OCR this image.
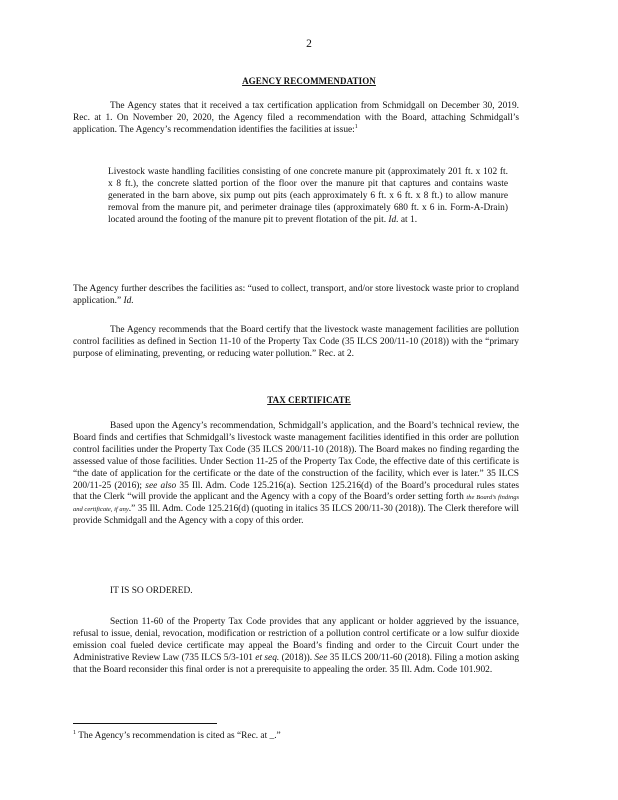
2
AGENCY RECOMMENDATION

The Agency states that it received a tax certification application from Schmidgall on December 30, 2019. Rec. at 1. On November 20, 2020, the Agency filed a recommendation with the Board, attaching Schmidgall’s application. The Agency’s recommendation identifies the facilities at issue:$^1$

Livestock waste handling facilities consisting of one concrete manure pit (approximately 201 ft. x 102 ft. x 8 ft.), the concrete slatted portion of the floor over the manure pit that captures and contains waste generated in the barn above, six pump out pits (each approximately 6 ft. x 6 ft. x 8 ft.) to allow manure removal from the manure pit, and perimeter drainage tiles (approximately 680 ft. x 6 in. Form-A-Drain) located around the footing of the manure pit to prevent flotation of the pit. Id. at 1.

The Agency further describes the facilities as: “used to collect, transport, and/or store livestock waste prior to cropland application.” Id.

The Agency recommends that the Board certify that the livestock waste management facilities are pollution control facilities as defined in Section 11-10 of the Property Tax Code (35 ILCS 200/11-10 (2018)) with the “primary purpose of eliminating, preventing, or reducing water pollution.” Rec. at 2.

TAX CERTIFICATE

Based upon the Agency’s recommendation, Schmidgall’s application, and the Board’s technical review, the Board finds and certifies that Schmidgall’s livestock waste management facilities identified in this order are pollution control facilities under the Property Tax Code (35 ILCS 200/11-10 (2018)). The Board makes no finding regarding the assessed value of those facilities. Under Section 11-25 of the Property Tax Code, the effective date of this certificate is “the date of application for the certificate or the date of the construction of the facility, which ever is later.” 35 ILCS 200/11-25 (2016); see also 35 Ill. Adm. Code 125.216(a). Section 125.216(d) of the Board’s procedural rules states that the Clerk “will provide the applicant and the Agency with a copy of the Board’s order setting forth the Board’s findings and certificate, if any.” 35 Ill. Adm. Code 125.216(d) (quoting in italics 35 ILCS 200/11-30 (2018)). The Clerk therefore will provide Schmidgall and the Agency with a copy of this order.

IT IS SO ORDERED.

Section 11-60 of the Property Tax Code provides that any applicant or holder aggrieved by the issuance, refusal to issue, denial, revocation, modification or restriction of a pollution control certificate or a low sulfur dioxide emission coal fueled device certificate may appeal the Board’s finding and order to the Circuit Court under the Administrative Review Law (735 ILCS 5/3-101 et seq. (2018)). See 35 ILCS 200/11-60 (2018). Filing a motion asking that the Board reconsider this final order is not a prerequisite to appealing the order. 35 Ill. Adm. Code 101.902.

$^1$ The Agency’s recommendation is cited as “Rec. at _.”
